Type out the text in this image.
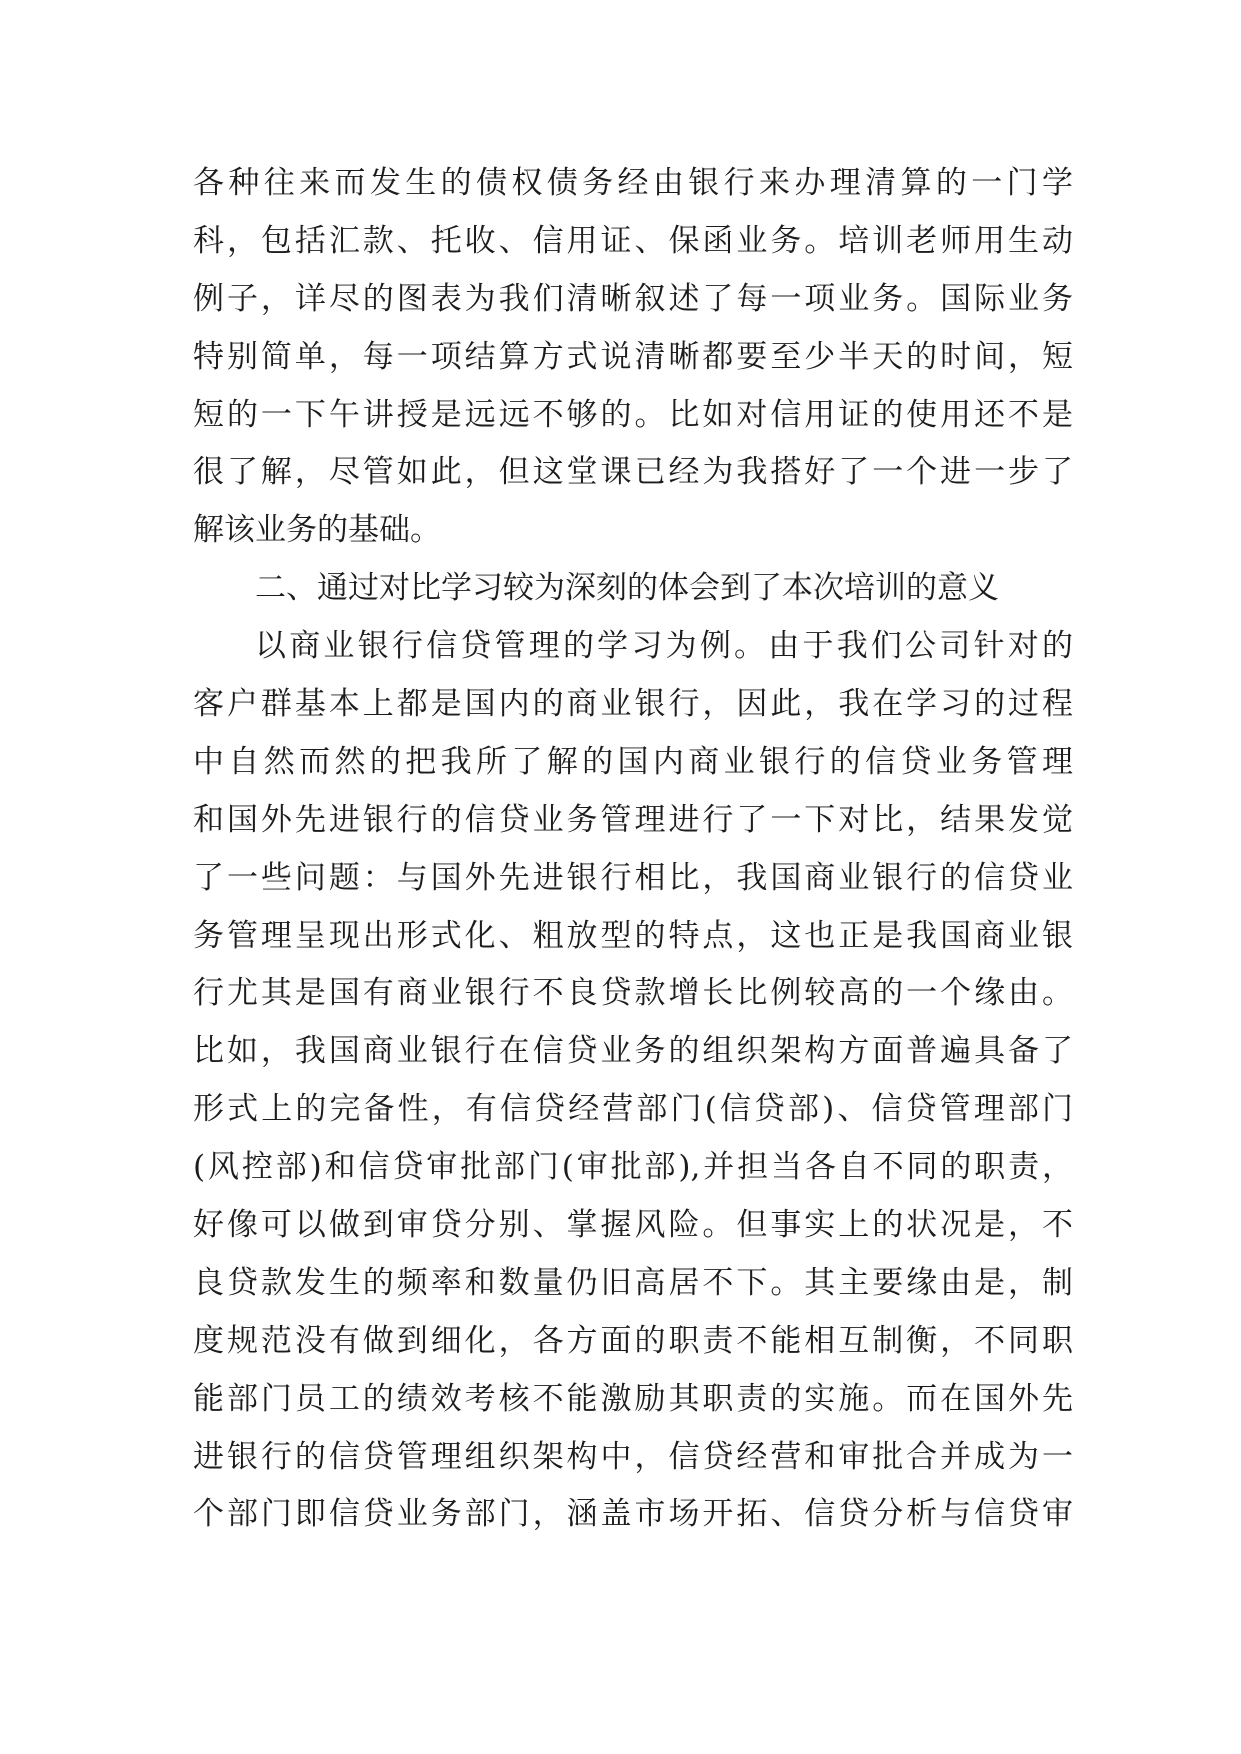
各种往来而发生的债权债务经由银行来办理清算的一门学
科，包括汇款、托收、信用证、保函业务。培训老师用生动
例子，详尽的图表为我们清晰叙述了每一项业务。国际业务
特别简单，每一项结算方式说清晰都要至少半天的时间，短
短的一下午讲授是远远不够的。比如对信用证的使用还不是
很了解，尽管如此，但这堂课已经为我搭好了一个进一步了
解该业务的基础。
二、通过对比学习较为深刻的体会到了本次培训的意义
以商业银行信贷管理的学习为例。由于我们公司针对的
客户群基本上都是国内的商业银行，因此，我在学习的过程
中自然而然的把我所了解的国内商业银行的信贷业务管理
和国外先进银行的信贷业务管理进行了一下对比，结果发觉
了一些问题：与国外先进银行相比，我国商业银行的信贷业
务管理呈现出形式化、粗放型的特点，这也正是我国商业银
行尤其是国有商业银行不良贷款增长比例较高的一个缘由。
比如，我国商业银行在信贷业务的组织架构方面普遍具备了
形式上的完备性，有信贷经营部门(信贷部)、信贷管理部门
(风控部)和信贷审批部门(审批部),并担当各自不同的职责，
好像可以做到审贷分别、掌握风险。但事实上的状况是，不
良贷款发生的频率和数量仍旧高居不下。其主要缘由是，制
度规范没有做到细化，各方面的职责不能相互制衡，不同职
能部门员工的绩效考核不能激励其职责的实施。而在国外先
进银行的信贷管理组织架构中，信贷经营和审批合并成为一
个部门即信贷业务部门，涵盖市场开拓、信贷分析与信贷审
